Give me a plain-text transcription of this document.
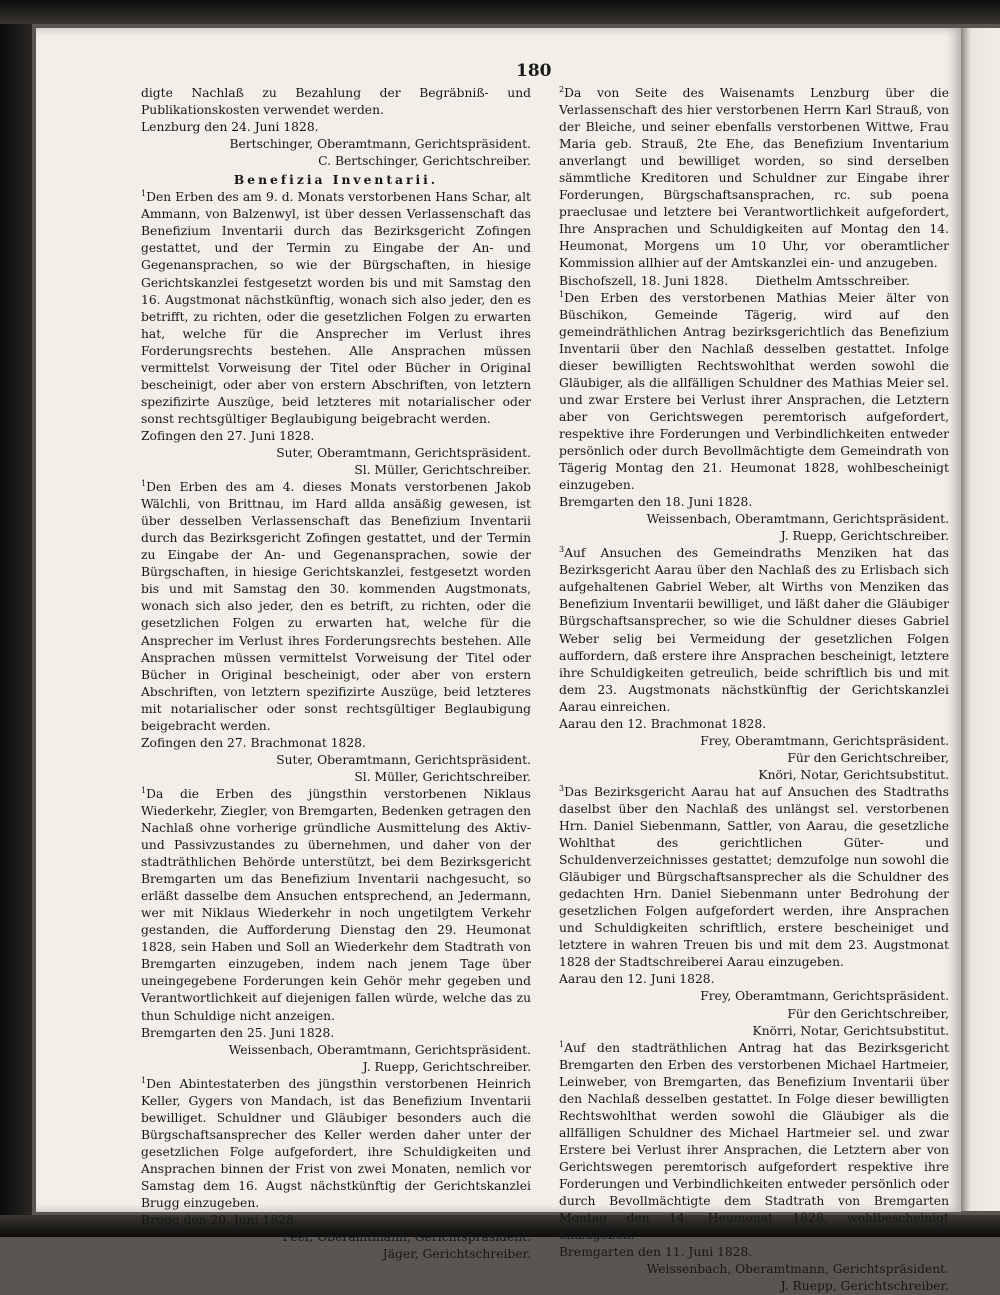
180

digte Nachlaß zu Bezahlung der Begräbniß- und Publikationskosten verwendet werden.

Lenzburg den 24. Juni 1828.

Bertschinger, Oberamtmann, Gerichtspräsident.

C. Bertschinger, Gerichtschreiber.

Benefizia Inventarii.

$^1$Den Erben des am 9. d. Monats verstorbenen Hans Schar, alt Ammann, von Balzenwyl, ist über dessen Verlassenschaft das Benefizium Inventarii durch das Bezirksgericht Zofingen gestattet, und der Termin zu Eingabe der An- und Gegenansprachen, so wie der Bürgschaften, in hiesige Gerichtskanzlei festgesetzt worden bis und mit Samstag den 16. Augstmonat nächstkünftig, wonach sich also jeder, den es betrifft, zu richten, oder die gesetzlichen Folgen zu erwarten hat, welche für die Ansprecher im Verlust ihres Forderungsrechts bestehen. Alle Ansprachen müssen vermittelst Vorweisung der Titel oder Bücher in Original bescheinigt, oder aber von erstern Abschriften, von letztern spezifizirte Auszüge, beid letzteres mit notarialischer oder sonst rechtsgültiger Beglaubigung beigebracht werden.

Zofingen den 27. Juni 1828.

Suter, Oberamtmann, Gerichtspräsident.

Sl. Müller, Gerichtschreiber.

$^1$Den Erben des am 4. dieses Monats verstorbenen Jakob Wälchli, von Brittnau, im Hard allda ansäßig gewesen, ist über desselben Verlassenschaft das Benefizium Inventarii durch das Bezirksgericht Zofingen gestattet, und der Termin zu Eingabe der An- und Gegenansprachen, sowie der Bürgschaften, in hiesige Gerichtskanzlei, festgesetzt worden bis und mit Samstag den 30. kommenden Augstmonats, wonach sich also jeder, den es betrift, zu richten, oder die gesetzlichen Folgen zu erwarten hat, welche für die Ansprecher im Verlust ihres Forderungsrechts bestehen. Alle Ansprachen müssen vermittelst Vorweisung der Titel oder Bücher in Original bescheinigt, oder aber von erstern Abschriften, von letztern spezifizirte Auszüge, beid letzteres mit notarialischer oder sonst rechtsgültiger Beglaubigung beigebracht werden.

Zofingen den 27. Brachmonat 1828.

Suter, Oberamtmann, Gerichtspräsident.

Sl. Müller, Gerichtschreiber.

$^1$Da die Erben des jüngsthin verstorbenen Niklaus Wiederkehr, Ziegler, von Bremgarten, Bedenken getragen den Nachlaß ohne vorherige gründliche Ausmittelung des Aktiv- und Passivzustandes zu übernehmen, und daher von der stadträthlichen Behörde unterstützt, bei dem Bezirksgericht Bremgarten um das Benefizium Inventarii nachgesucht, so erläßt dasselbe dem Ansuchen entsprechend, an Jedermann, wer mit Niklaus Wiederkehr in noch ungetilgtem Verkehr gestanden, die Aufforderung Dienstag den 29. Heumonat 1828, sein Haben und Soll an Wiederkehr dem Stadtrath von Bremgarten einzugeben, indem nach jenem Tage über uneingegebene Forderungen kein Gehör mehr gegeben und Verantwortlichkeit auf diejenigen fallen würde, welche das zu thun Schuldige nicht anzeigen.

Bremgarten den 25. Juni 1828.

Weissenbach, Oberamtmann, Gerichtspräsident.

J. Ruepp, Gerichtschreiber.

$^1$Den Abintestaterben des jüngsthin verstorbenen Heinrich Keller, Gygers von Mandach, ist das Benefizium Inventarii bewilliget. Schuldner und Gläubiger besonders auch die Bürgschaftsansprecher des Keller werden daher unter der gesetzlichen Folge aufgefordert, ihre Schuldigkeiten und Ansprachen binnen der Frist von zwei Monaten, nemlich vor Samstag dem 16. Augst nächstkünftig der Gerichtskanzlei Brugg einzugeben.

Brugg den 20. Juni 1828.

Feer, Oberamtmann, Gerichtspräsident.

Jäger, Gerichtschreiber.

$^2$Da von Seite des Waisenamts Lenzburg über die Verlassenschaft des hier verstorbenen Herrn Karl Strauß, von der Bleiche, und seiner ebenfalls verstorbenen Wittwe, Frau Maria geb. Strauß, 2te Ehe, das Benefizium Inventarium anverlangt und bewilliget worden, so sind derselben sämmtliche Kreditoren und Schuldner zur Eingabe ihrer Forderungen, Bürgschaftsansprachen, rc. sub poena praeclusae und letztere bei Verantwortlichkeit aufgefordert, Ihre Ansprachen und Schuldigkeiten auf Montag den 14. Heumonat, Morgens um 10 Uhr, vor oberamtlicher Kommission allhier auf der Amtskanzlei ein- und anzugeben.

Bischofszell, 18. Juni 1828. Diethelm Amtsschreiber.

$^1$Den Erben des verstorbenen Mathias Meier älter von Büschikon, Gemeinde Tägerig, wird auf den gemeindräthlichen Antrag bezirksgerichtlich das Benefizium Inventarii über den Nachlaß desselben gestattet. Infolge dieser bewilligten Rechtswohlthat werden sowohl die Gläubiger, als die allfälligen Schuldner des Mathias Meier sel. und zwar Erstere bei Verlust ihrer Ansprachen, die Letztern aber von Gerichtswegen peremtorisch aufgefordert, respektive ihre Forderungen und Verbindlichkeiten entweder persönlich oder durch Bevollmächtigte dem Gemeindrath von Tägerig Montag den 21. Heumonat 1828, wohlbescheinigt einzugeben.

Bremgarten den 18. Juni 1828.

Weissenbach, Oberamtmann, Gerichtspräsident.

J. Ruepp, Gerichtschreiber.

$^3$Auf Ansuchen des Gemeindraths Menziken hat das Bezirksgericht Aarau über den Nachlaß des zu Erlisbach sich aufgehaltenen Gabriel Weber, alt Wirths von Menziken das Benefizium Inventarii bewilliget, und läßt daher die Gläubiger Bürgschaftsansprecher, so wie die Schuldner dieses Gabriel Weber selig bei Vermeidung der gesetzlichen Folgen auffordern, daß erstere ihre Ansprachen bescheinigt, letztere ihre Schuldigkeiten getreulich, beide schriftlich bis und mit dem 23. Augstmonats nächstkünftig der Gerichtskanzlei Aarau einreichen.

Aarau den 12. Brachmonat 1828.

Frey, Oberamtmann, Gerichtspräsident.

Für den Gerichtschreiber,

Knöri, Notar, Gerichtsubstitut.

$^3$Das Bezirksgericht Aarau hat auf Ansuchen des Stadtraths daselbst über den Nachlaß des unlängst sel. verstorbenen Hrn. Daniel Siebenmann, Sattler, von Aarau, die gesetzliche Wohlthat des gerichtlichen Güter- und Schuldenverzeichnisses gestattet; demzufolge nun sowohl die Gläubiger und Bürgschaftsansprecher als die Schuldner des gedachten Hrn. Daniel Siebenmann unter Bedrohung der gesetzlichen Folgen aufgefordert werden, ihre Ansprachen und Schuldigkeiten schriftlich, erstere bescheiniget und letztere in wahren Treuen bis und mit dem 23. Augstmonat 1828 der Stadtschreiberei Aarau einzugeben.

Aarau den 12. Juni 1828.

Frey, Oberamtmann, Gerichtspräsident.

Für den Gerichtschreiber,

Knörri, Notar, Gerichtsubstitut.

$^1$Auf den stadträthlichen Antrag hat das Bezirksgericht Bremgarten den Erben des verstorbenen Michael Hartmeier, Leinweber, von Bremgarten, das Benefizium Inventarii über den Nachlaß desselben gestattet. In Folge dieser bewilligten Rechtswohlthat werden sowohl die Gläubiger als die allfälligen Schuldner des Michael Hartmeier sel. und zwar Erstere bei Verlust ihrer Ansprachen, die Letztern aber von Gerichtswegen peremtorisch aufgefordert respektive ihre Forderungen und Verbindlichkeiten entweder persönlich oder durch Bevollmächtigte dem Stadtrath von Bremgarten Montag den 14. Heumonat 1828, wohlbescheinigt einzugeben.

Bremgarten den 11. Juni 1828.

Weissenbach, Oberamtmann, Gerichtspräsident.

J. Ruepp, Gerichtschreiber.
